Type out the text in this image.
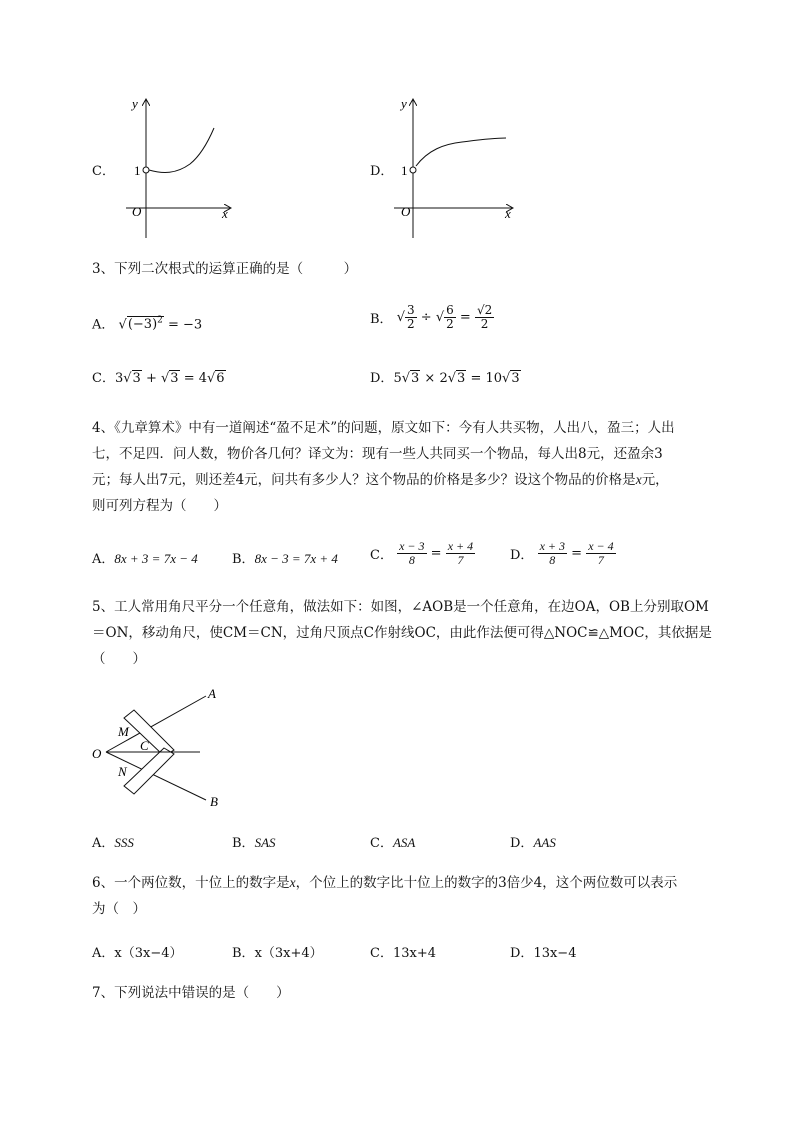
C．
y
x
O
1	D．
y
x
O
1
3、下列二次根式的运算正确的是（　　　）
A． $√(-3)^2 = -3$	B． √ $\frac{3}{2}$ ÷ √ $\frac{6}{2} = \frac{√2}{2}$
C．3√3 + √3 = 4√6	D．5√3 × 2√3 = 10√3
4、《九章算术》中有一道阐述“盈不足术”的问题，原文如下：今有人共买物，人出八，盈三；人出
七，不足四．问人数，物价各几何？译文为：现有一些人共同买一个物品，每人出8元，还盈余3
元；每人出7元，则还差4元，问共有多少人？这个物品的价格是多少？设这个物品的价格是x元，
则可列方程为（　　）
A．8x + 3 = 7x − 4	B．8x − 3 = 7x + 4 C． $\frac{x - 3}{8} = \frac{x + 4}{7}$	D． $\frac{x + 3}{8} = \frac{x - 4}{7}$
5、工人常用角尺平分一个任意角，做法如下：如图，∠AOB是一个任意角，在边OA，OB上分别取OM
＝ON，移动角尺，使CM＝CN，过角尺顶点C作射线OC，由此作法便可得△NOC≌△MOC，其依据是
（　　）
A
B
O
M
N
C
A．SSS	B．SAS	C．ASA	D．AAS
6、一个两位数，十位上的数字是x，个位上的数字比十位上的数字的3倍少4，这个两位数可以表示
为（　）
A．x（3x−4）	B．x（3x+4）	C．13x+4	D．13x−4
7、下列说法中错误的是（　　）
